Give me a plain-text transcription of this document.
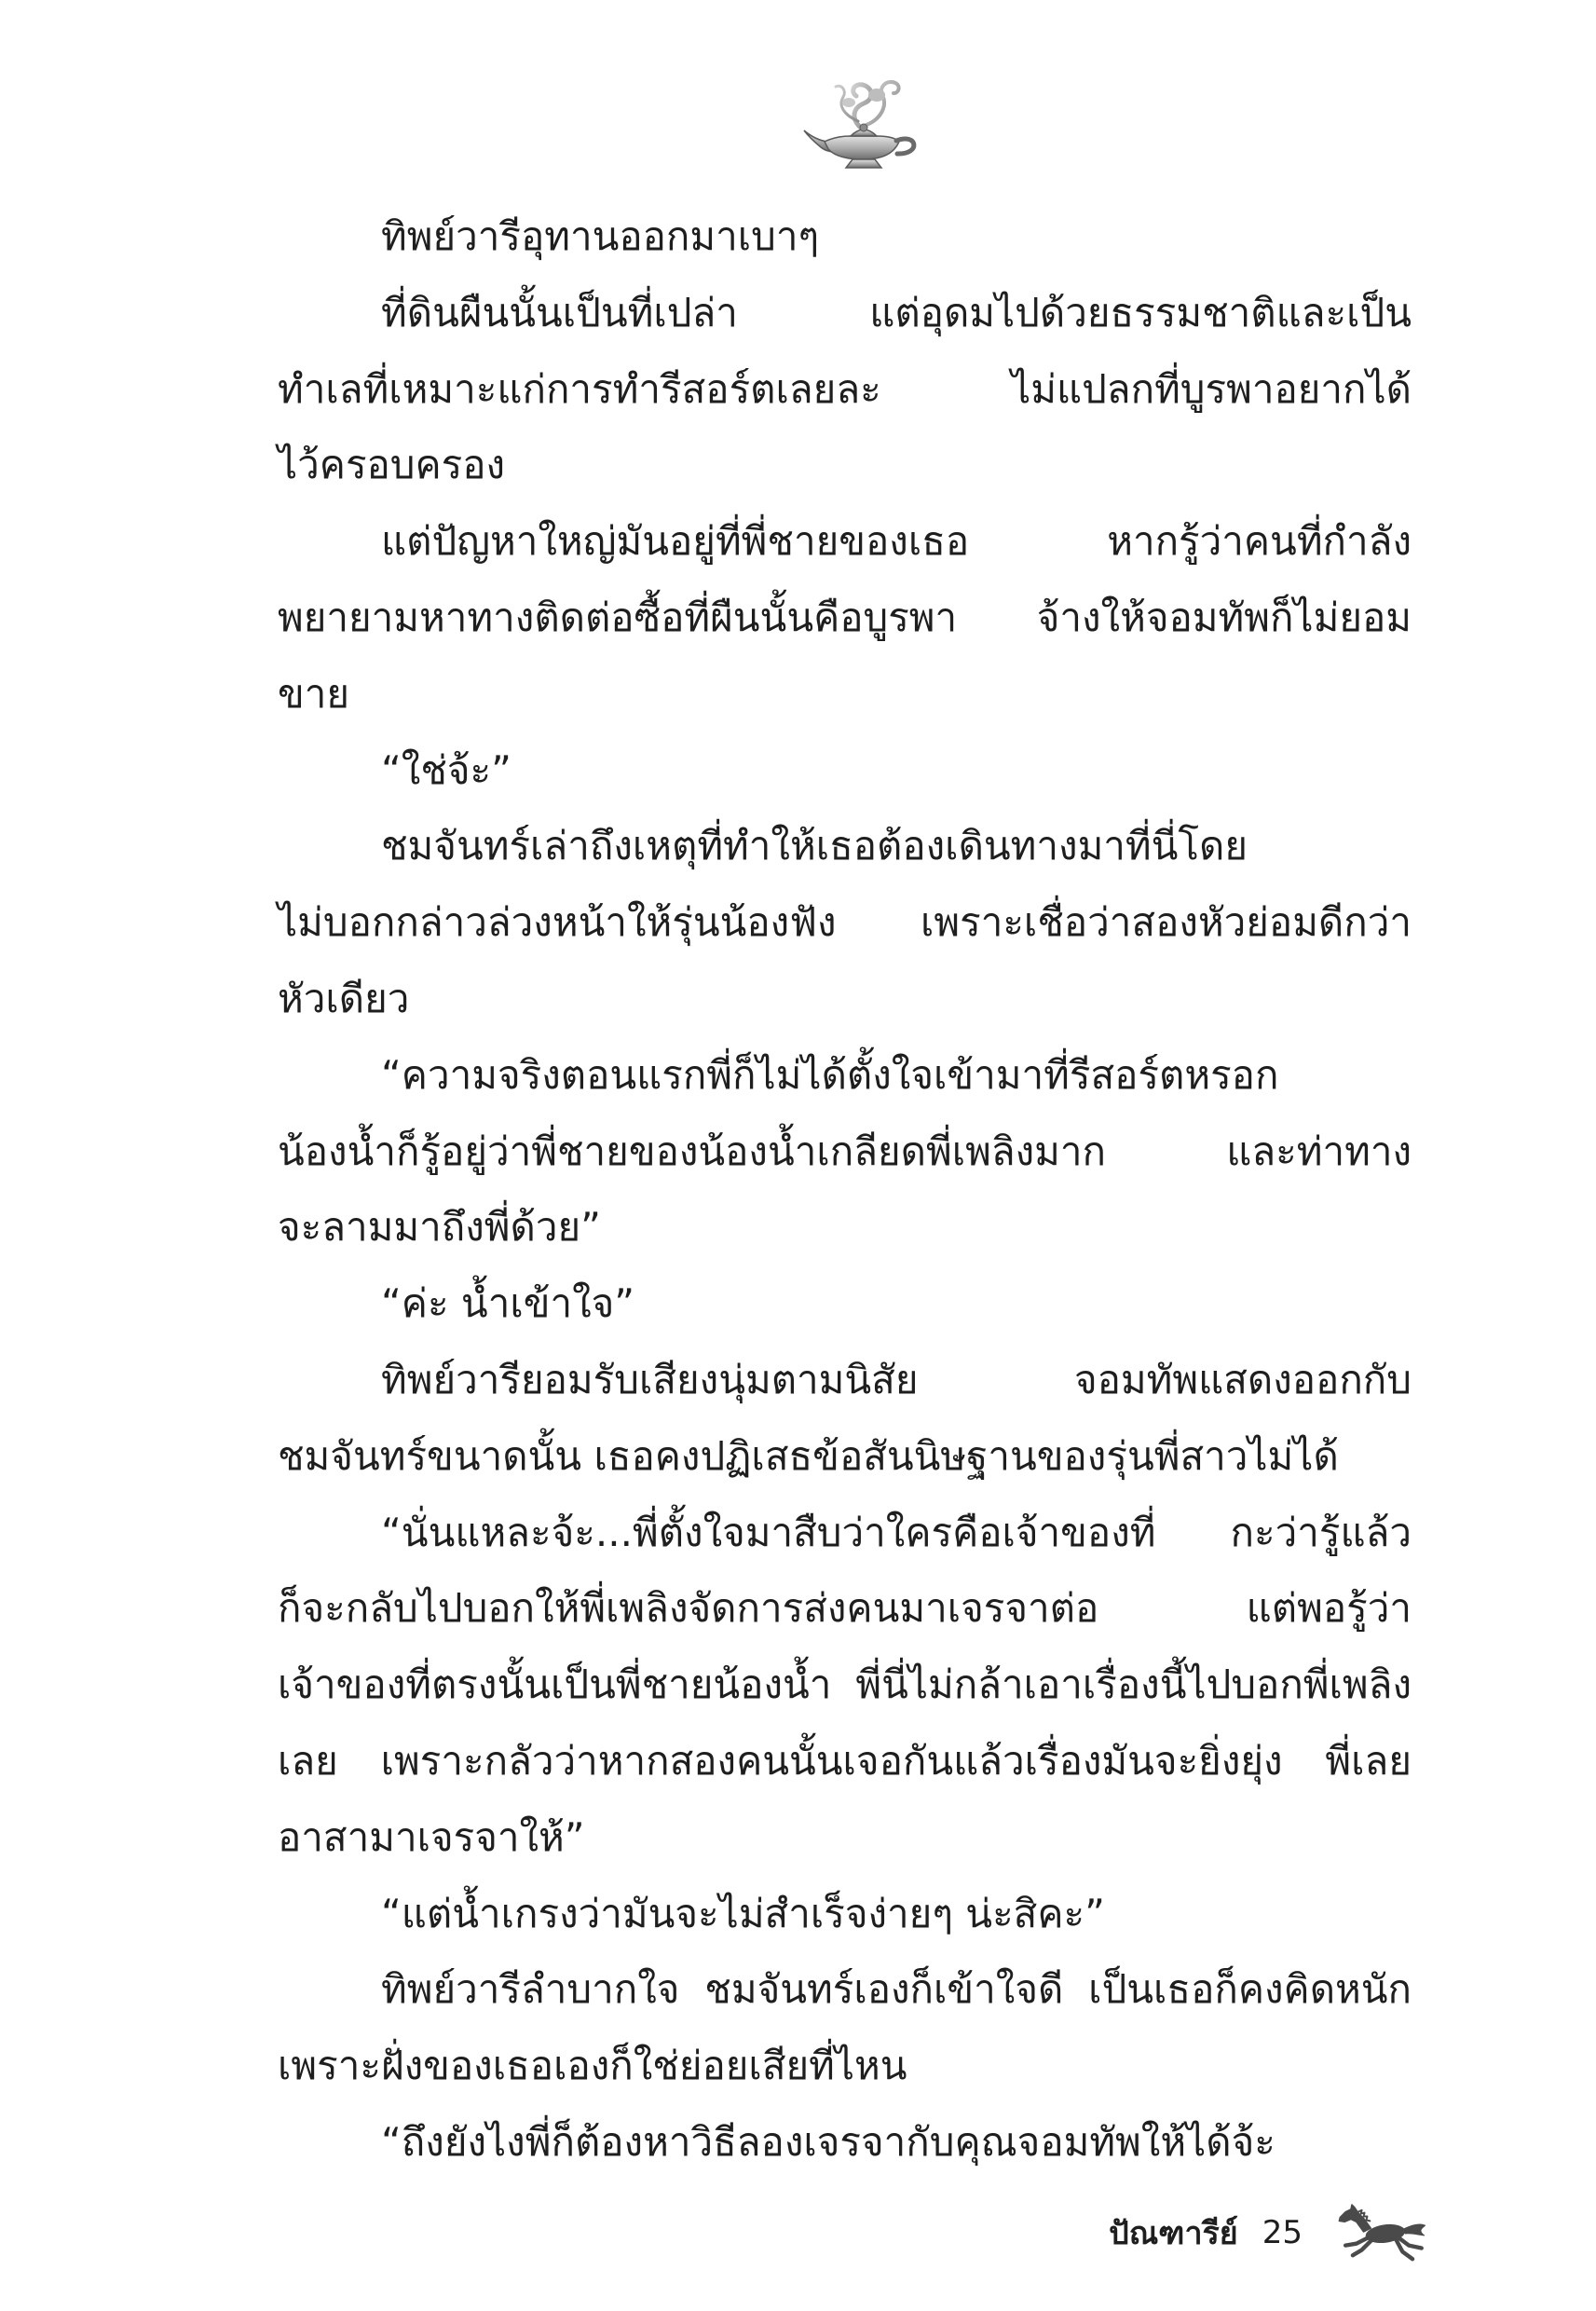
ทิพย์วารีอุทานออกมาเบาๆ
ที่ดินผืนนั้นเป็นที่เปล่า แต่อุดมไปด้วยธรรมชาติและเป็น
ทำเลที่เหมาะแก่การทำรีสอร์ตเลยละ ไม่แปลกที่บูรพาอยากได้
ไว้ครอบครอง
แต่ปัญหาใหญ่มันอยู่ที่พี่ชายของเธอ หากรู้ว่าคนที่กำลัง
พยายามหาทางติดต่อซื้อที่ผืนนั้นคือบูรพา จ้างให้จอมทัพก็ไม่ยอม
ขาย
“ใช่จ้ะ”
ชมจันทร์เล่าถึงเหตุที่ทำให้เธอต้องเดินทางมาที่นี่โดย
ไม่บอกกล่าวล่วงหน้าให้รุ่นน้องฟัง เพราะเชื่อว่าสองหัวย่อมดีกว่า
หัวเดียว
“ความจริงตอนแรกพี่ก็ไม่ได้ตั้งใจเข้ามาที่รีสอร์ตหรอก
น้องน้ำก็รู้อยู่ว่าพี่ชายของน้องน้ำเกลียดพี่เพลิงมาก และท่าทาง
จะลามมาถึงพี่ด้วย”
“ค่ะ น้ำเข้าใจ”
ทิพย์วารียอมรับเสียงนุ่มตามนิสัย จอมทัพแสดงออกกับ
ชมจันทร์ขนาดนั้น เธอคงปฏิเสธข้อสันนิษฐานของรุ่นพี่สาวไม่ได้
“นั่นแหละจ้ะ...พี่ตั้งใจมาสืบว่าใครคือเจ้าของที่ กะว่ารู้แล้ว
ก็จะกลับไปบอกให้พี่เพลิงจัดการส่งคนมาเจรจาต่อ แต่พอรู้ว่า
เจ้าของที่ตรงนั้นเป็นพี่ชายน้องน้ำ พี่นี่ไม่กล้าเอาเรื่องนี้ไปบอกพี่เพลิง
เลย เพราะกลัวว่าหากสองคนนั้นเจอกันแล้วเรื่องมันจะยิ่งยุ่ง พี่เลย
อาสามาเจรจาให้”
“แต่น้ำเกรงว่ามันจะไม่สำเร็จง่ายๆ น่ะสิคะ”
ทิพย์วารีลำบากใจ ชมจันทร์เองก็เข้าใจดี เป็นเธอก็คงคิดหนัก
เพราะฝั่งของเธอเองก็ใช่ย่อยเสียที่ไหน
“ถึงยังไงพี่ก็ต้องหาวิธีลองเจรจากับคุณจอมทัพให้ได้จ้ะ
ปัณฑารีย์ 25
